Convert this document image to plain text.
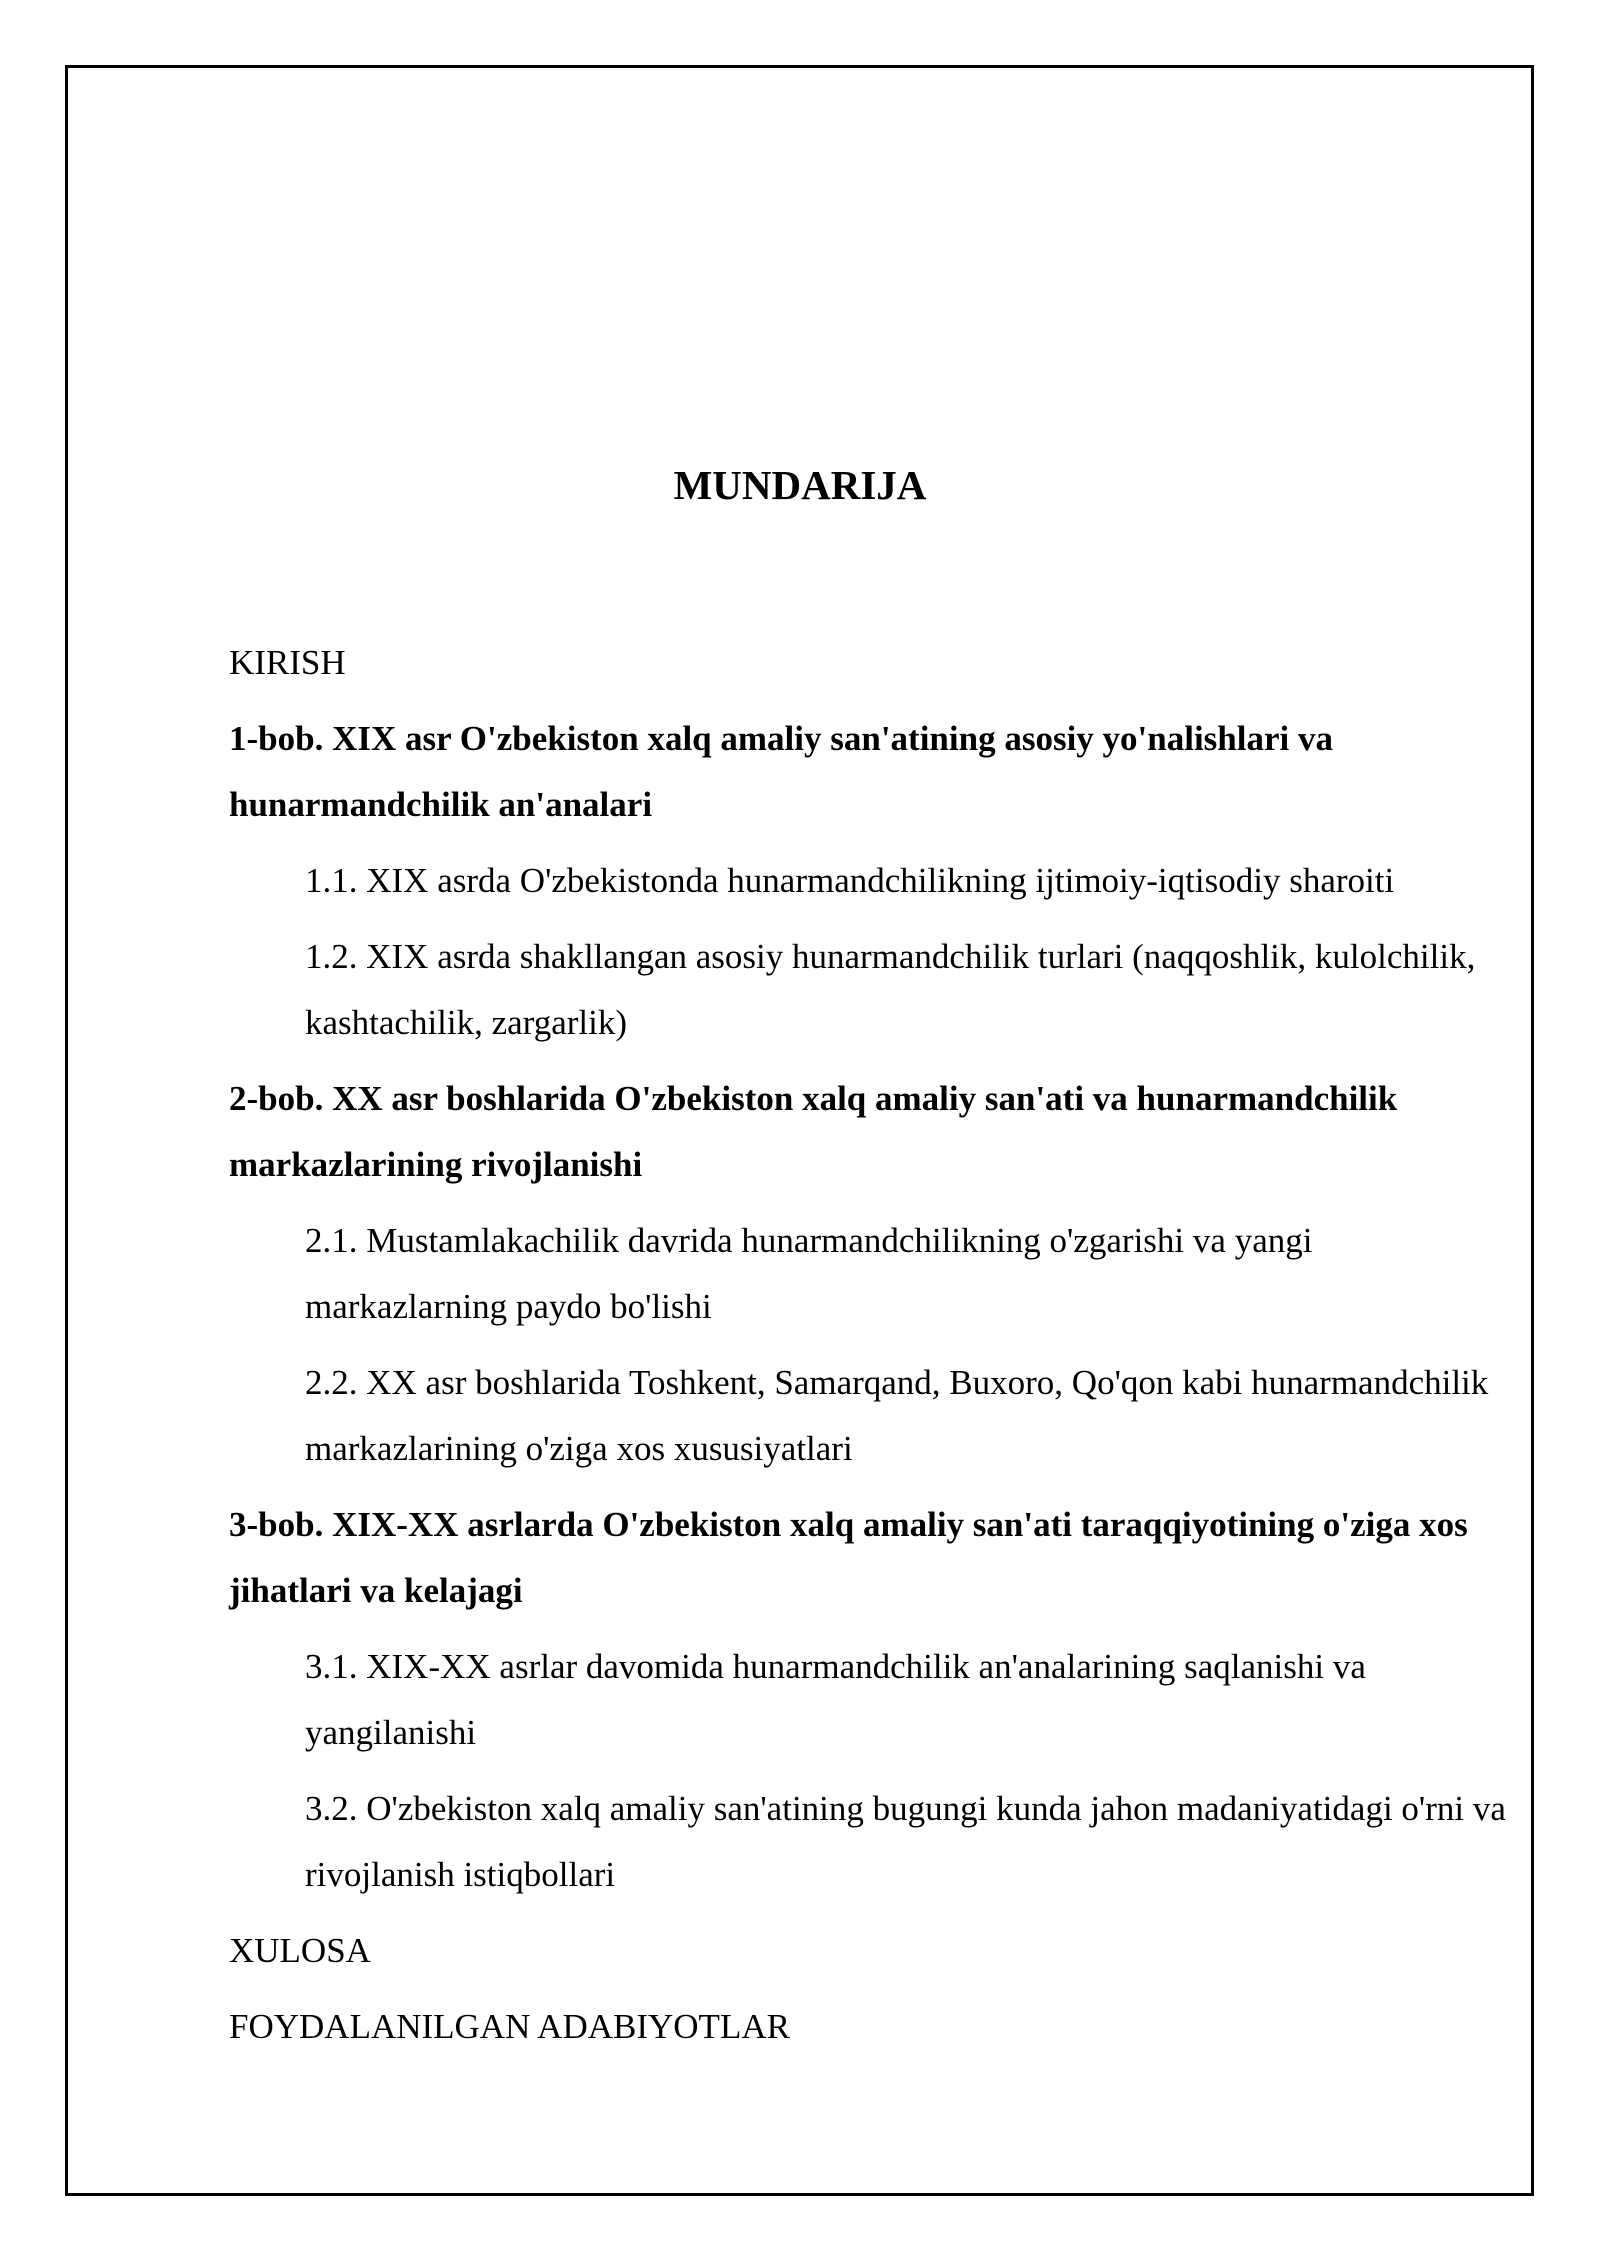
MUNDARIJA
KIRISH
1-bob. XIX asr O'zbekiston xalq amaliy san'atining asosiy yo'nalishlari va hunarmandchilik an'analari
1.1. XIX asrda O'zbekistonda hunarmandchilikning ijtimoiy-iqtisodiy sharoiti
1.2. XIX asrda shakllangan asosiy hunarmandchilik turlari (naqqoshlik, kulolchilik, kashtachilik, zargarlik)
2-bob. XX asr boshlarida O'zbekiston xalq amaliy san'ati va hunarmandchilik markazlarining rivojlanishi
2.1. Mustamlakachilik davrida hunarmandchilikning o'zgarishi va yangi markazlarning paydo bo'lishi
2.2. XX asr boshlarida Toshkent, Samarqand, Buxoro, Qo'qon kabi hunarmandchilik markazlarining o'ziga xos xususiyatlari
3-bob. XIX-XX asrlarda O'zbekiston xalq amaliy san'ati taraqqiyotining o'ziga xos jihatlari va kelajagi
3.1. XIX-XX asrlar davomida hunarmandchilik an'analarining saqlanishi va yangilanishi
3.2. O'zbekiston xalq amaliy san'atining bugungi kunda jahon madaniyatidagi o'rni va rivojlanish istiqbollari
XULOSA
FOYDALANILGAN ADABIYOTLAR
